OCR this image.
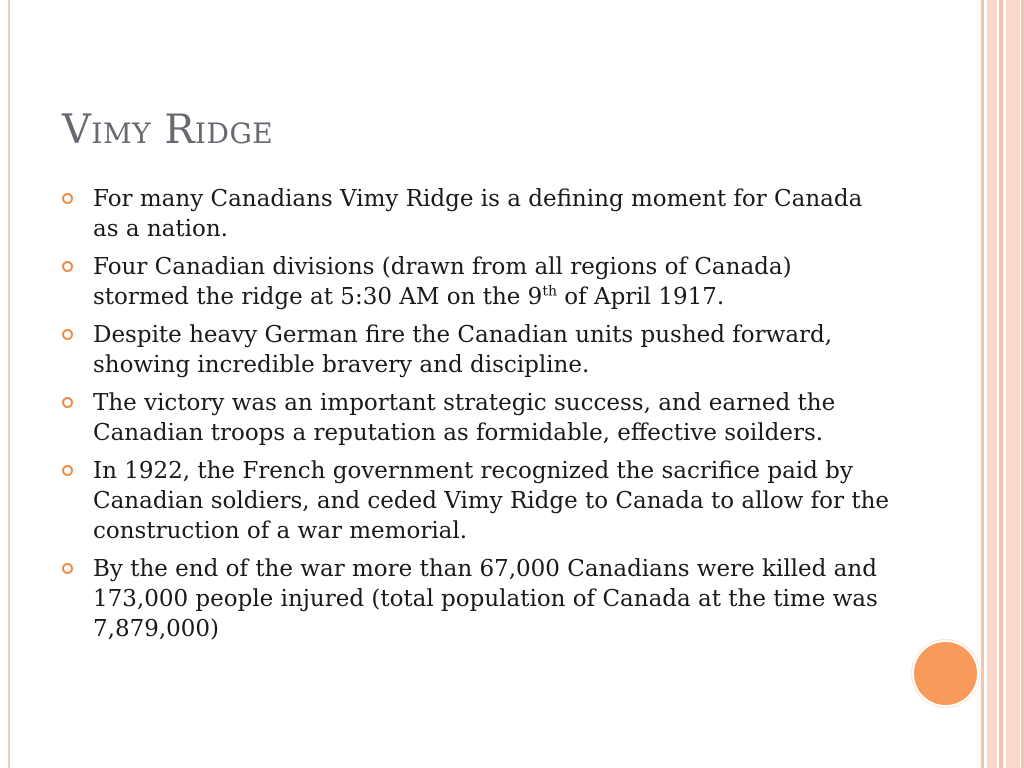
Vimy Ridge
For many Canadians Vimy Ridge is a defining moment for Canada as a nation.
Four Canadian divisions (drawn from all regions of Canada) stormed the ridge at 5:30 AM on the 9th of April 1917.
Despite heavy German fire the Canadian units pushed forward, showing incredible bravery and discipline.
The victory was an important strategic success, and earned the Canadian troops a reputation as formidable, effective soilders.
In 1922, the French government recognized the sacrifice paid by Canadian soldiers, and ceded Vimy Ridge to Canada to allow for the construction of a war memorial.
By the end of the war more than 67,000 Canadians were killed and 173,000 people injured (total population of Canada at the time was 7,879,000)
